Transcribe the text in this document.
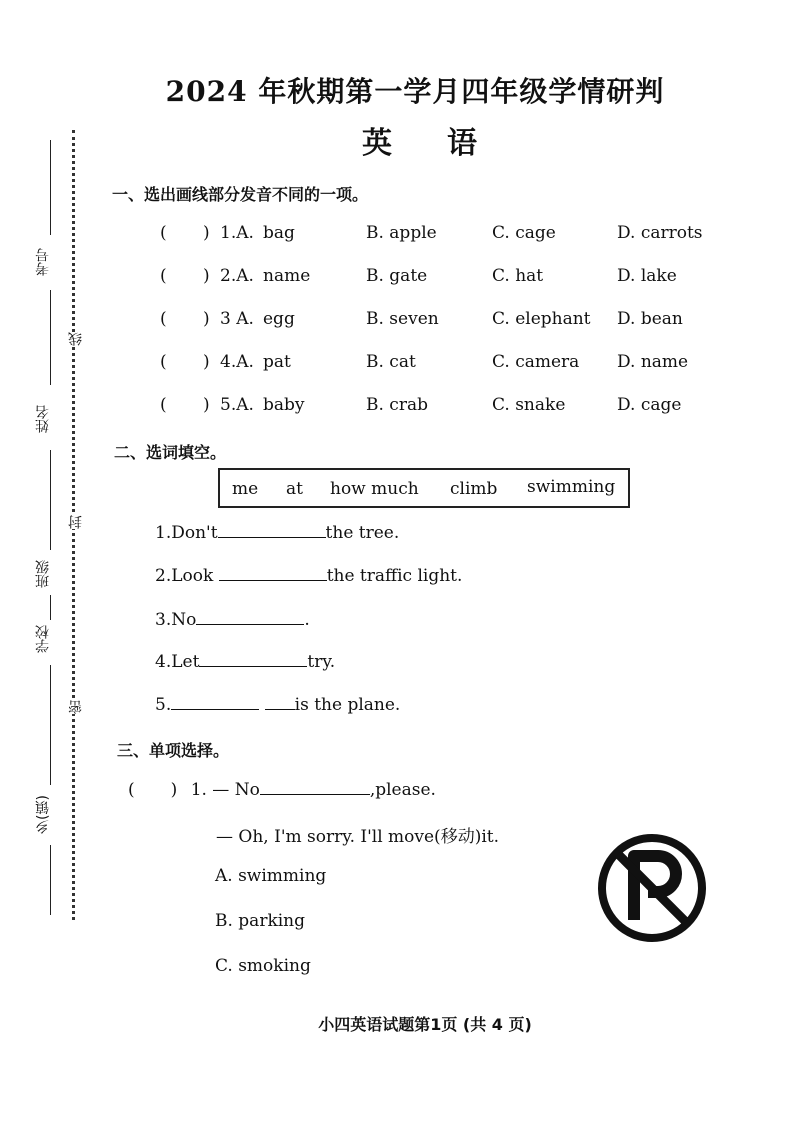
考号
姓名
班级
学校
乡(镇)
线
封
密
2024 年秋期第一学月四年级学情研判
英语
一、选出画线部分发音不同的一项。
( ) 1.A. bag	B. apple	C. cage	D. carrots
( ) 2.A. name	B. gate	C. hat	D. lake
( ) 3 A. egg	B. seven	C. elephant D. bean
( ) 4.A. pat	B. cat	C. camera D. name
( ) 5.A. baby	B. crab	C. snake	D. cage
二、选词填空。
me at how much climb swimming
1.Don't	the tree.
2.Look	the traffic light.
3.No	.
4.Let	try.
5.	is the plane.
三、单项选择。
( ) 1. — No	,please.
— Oh, I'm sorry. I'll move(移动)it.
A. swimming
B. parking
C. smoking
小四英语试题第1页 (共 4 页)
